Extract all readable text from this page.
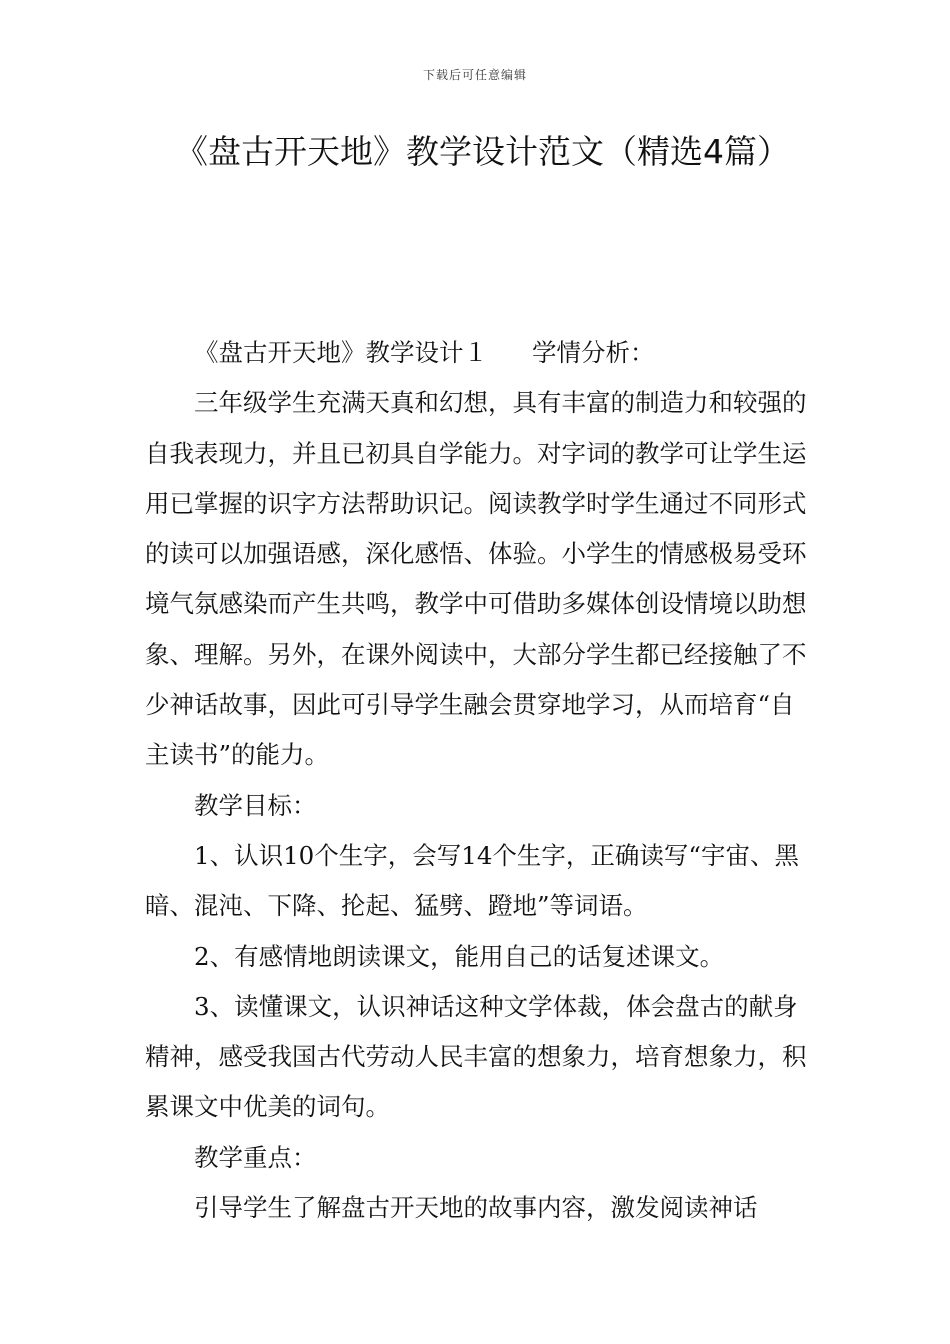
下载后可任意编辑
《盘古开天地》教学设计范文（精选4篇）

《盘古开天地》教学设计１ 学情分析：

三年级学生充满天真和幻想，具有丰富的制造力和较强的自我表现力，并且已初具自学能力。对字词的教学可让学生运用已掌握的识字方法帮助识记。阅读教学时学生通过不同形式的读可以加强语感，深化感悟、体验。小学生的情感极易受环境气氛感染而产生共鸣，教学中可借助多媒体创设情境以助想象、理解。另外，在课外阅读中，大部分学生都已经接触了不少神话故事，因此可引导学生融会贯穿地学习，从而培育“自主读书”的能力。

教学目标：

1、认识10个生字，会写14个生字，正确读写“宇宙、黑暗、混沌、下降、抡起、猛劈、蹬地”等词语。

2、有感情地朗读课文，能用自己的话复述课文。

3、读懂课文，认识神话这种文学体裁，体会盘古的献身精神，感受我国古代劳动人民丰富的想象力，培育想象力，积累课文中优美的词句。

教学重点：

引导学生了解盘古开天地的故事内容，激发阅读神话
